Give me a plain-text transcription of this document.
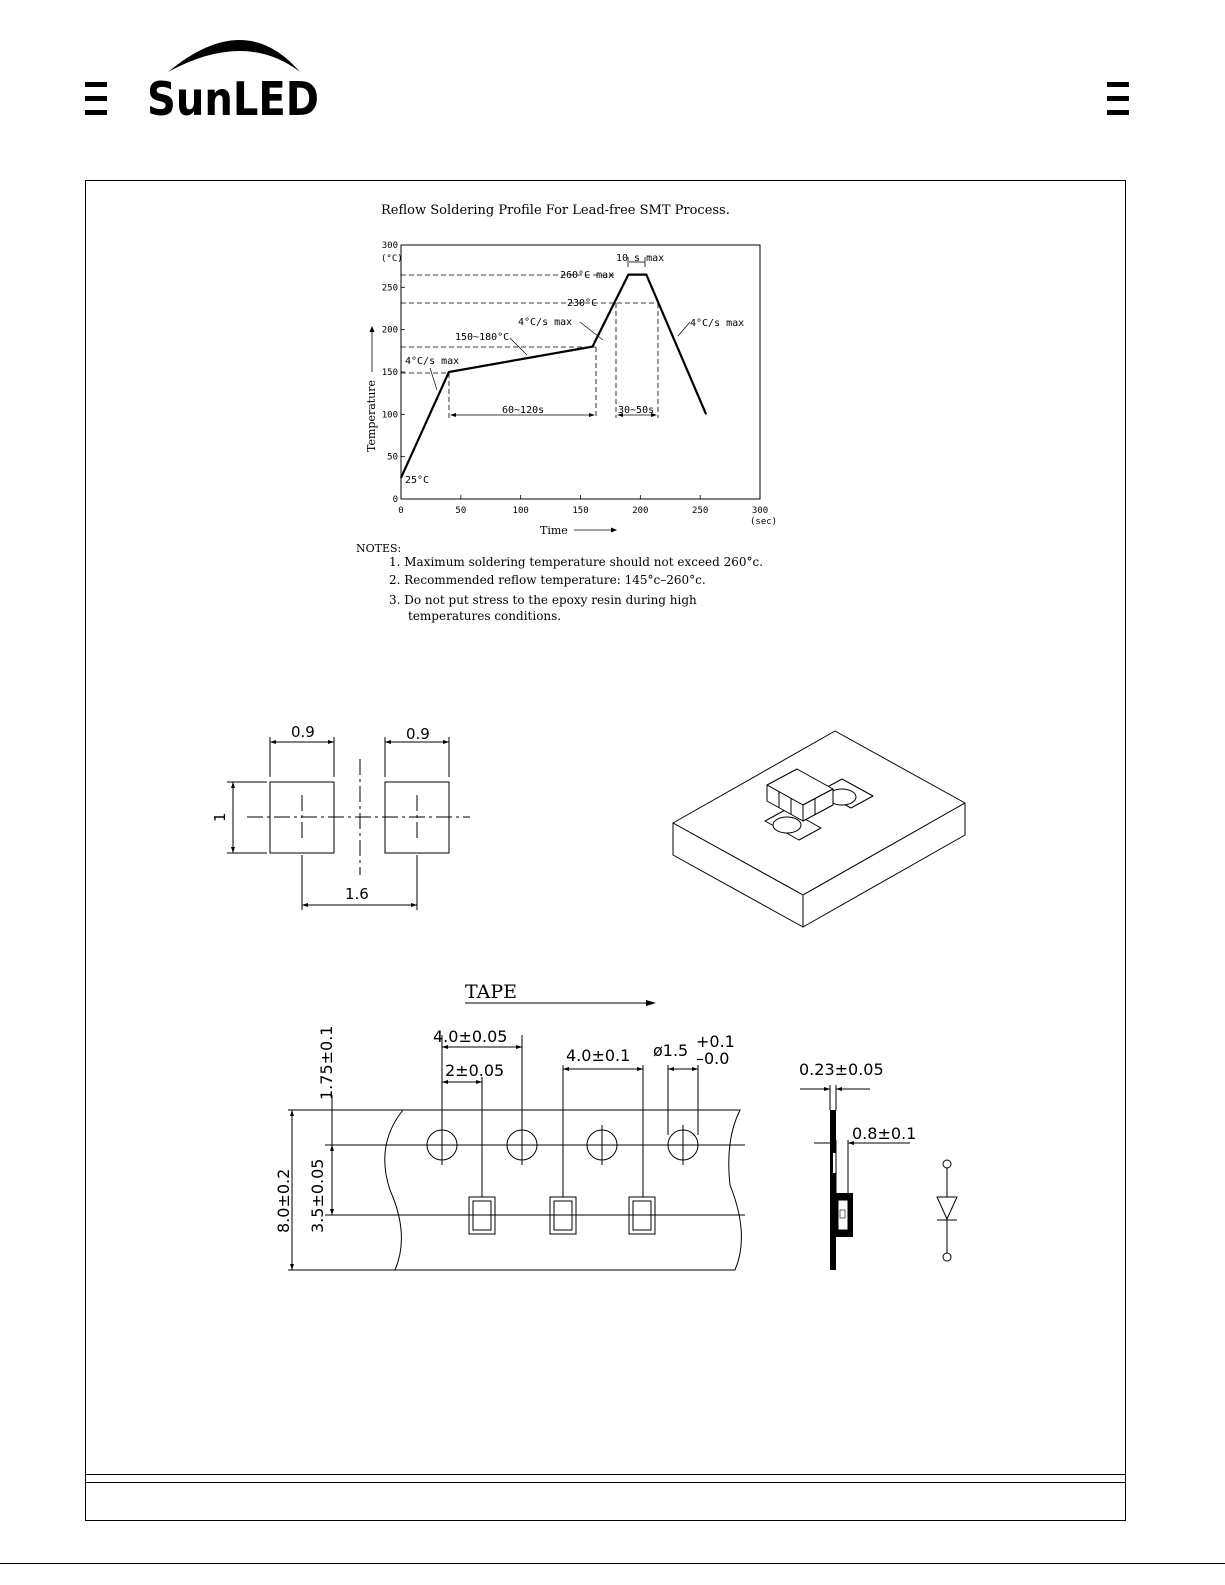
SunLED
Reflow Soldering Profile For Lead-free SMT Process.
0
50
100
150
200
250
300
0	50	100	150	200	250	300
(°C)
(sec)
Temperature
Time
25°C
4°C/s max
150~180°C
4°C/s max	4°C/s max
260°C max
230°C
10 s max
60~120s	30~50s
NOTES:
1. Maximum soldering temperature should not exceed 260°c.
2. Recommended reflow temperature: 145°c–260°c.
3. Do not put stress to the epoxy resin during high
temperatures conditions.
0.9	0.9
1
1.6
TAPE
4.0±0.05
2±0.05
4.0±0.1 ø1.5 +0.1
–0.0
1.75±0.1
8.0±0.2 3.5±0.05
0.23±0.05
0.8±0.1
